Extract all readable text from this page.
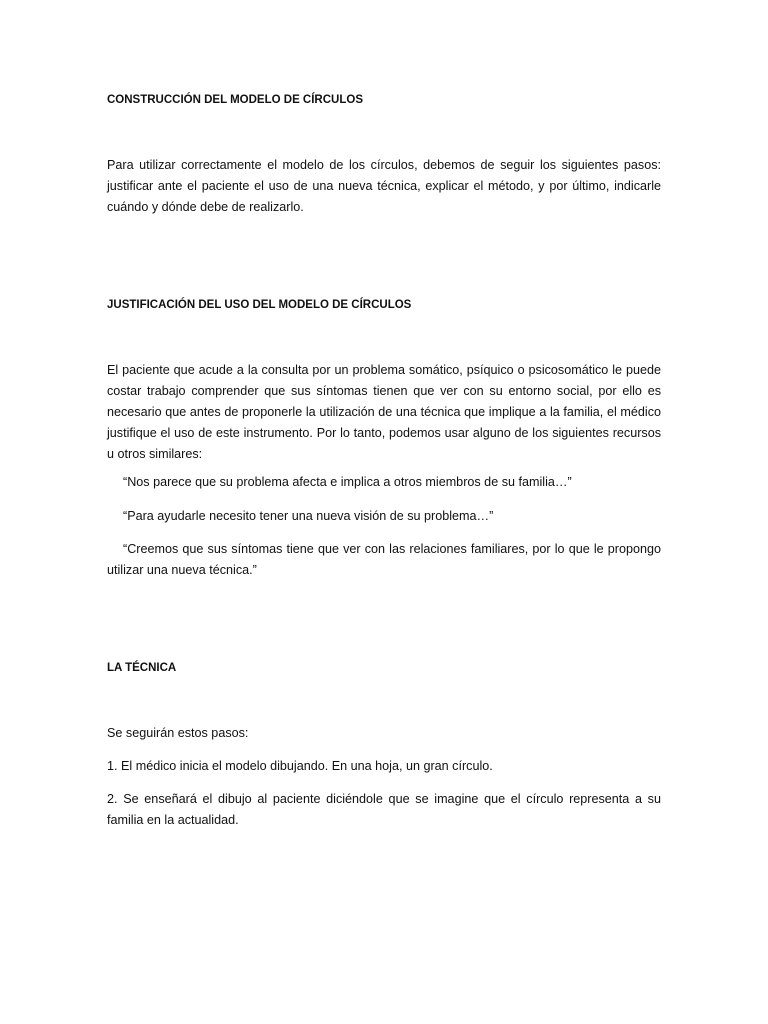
CONSTRUCCIÓN DEL MODELO DE CÍRCULOS

Para utilizar correctamente el modelo de los círculos, debemos de seguir los siguientes pasos: justificar ante el paciente el uso de una nueva técnica, explicar el método, y por último, indicarle cuándo y dónde debe de realizarlo.

JUSTIFICACIÓN DEL USO DEL MODELO DE CÍRCULOS

El paciente que acude a la consulta por un problema somático, psíquico o psicosomático le puede costar trabajo comprender que sus síntomas tienen que ver con su entorno social, por ello es necesario que antes de proponerle la utilización de una técnica que implique a la familia, el médico justifique el uso de este instrumento. Por lo tanto, podemos usar alguno de los siguientes recursos u otros similares:

“Nos parece que su problema afecta e implica a otros miembros de su familia…”

“Para ayudarle necesito tener una nueva visión de su problema…”

“Creemos que sus síntomas tiene que ver con las relaciones familiares, por lo que le propongo utilizar una nueva técnica.”

LA TÉCNICA

Se seguirán estos pasos:

1. El médico inicia el modelo dibujando. En una hoja, un gran círculo.

2. Se enseñará el dibujo al paciente diciéndole que se imagine que el círculo representa a su familia en la actualidad.
